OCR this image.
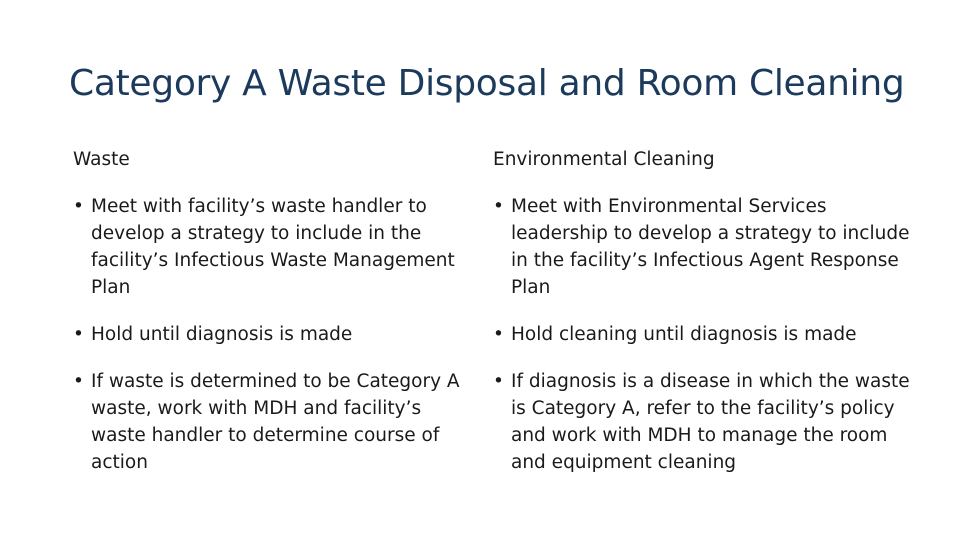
Category A Waste Disposal and Room Cleaning
Waste
• Meet with facility’s waste handler to develop a strategy to include in the facility’s Infectious Waste Management Plan
• Hold until diagnosis is made
• If waste is determined to be Category A waste, work with MDH and facility’s waste handler to determine course of action
Environmental Cleaning
• Meet with Environmental Services leadership to develop a strategy to include in the facility’s Infectious Agent Response Plan
• Hold cleaning until diagnosis is made
• If diagnosis is a disease in which the waste is Category A, refer to the facility’s policy and work with MDH to manage the room and equipment cleaning
